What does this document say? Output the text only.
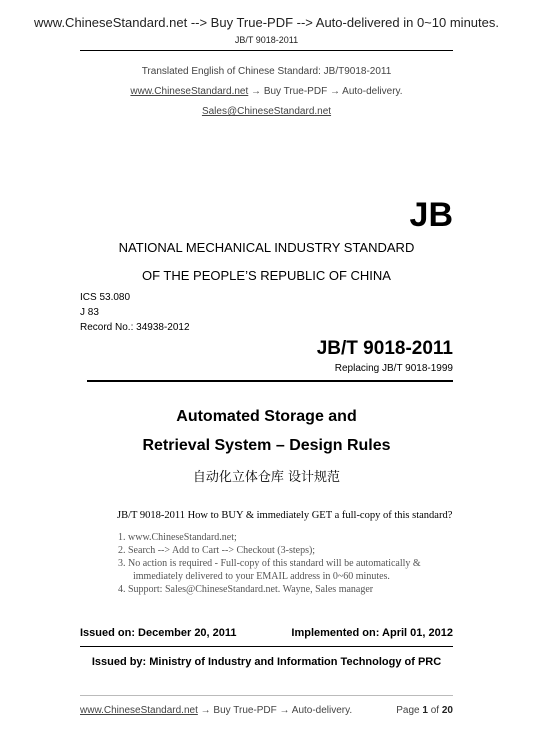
www.ChineseStandard.net --> Buy True-PDF --> Auto-delivered in 0~10 minutes.
JB/T 9018-2011
Translated English of Chinese Standard: JB/T9018-2011
www.ChineseStandard.net → Buy True-PDF → Auto-delivery.
Sales@ChineseStandard.net
JB
NATIONAL MECHANICAL INDUSTRY STANDARD
OF THE PEOPLE’S REPUBLIC OF CHINA
ICS 53.080
J 83
Record No.: 34938-2012
JB/T 9018-2011
Replacing JB/T 9018-1999
Automated Storage and
Retrieval System – Design Rules
自动化立体仓库 设计规范
JB/T 9018-2011 How to BUY & immediately GET a full-copy of this standard?
1. www.ChineseStandard.net;
2. Search --> Add to Cart --> Checkout (3-steps);
3. No action is required - Full-copy of this standard will be automatically &
immediately delivered to your EMAIL address in 0~60 minutes.
4. Support: Sales@ChineseStandard.net. Wayne, Sales manager
Issued on: December 20, 2011	Implemented on: April 01, 2012
Issued by: Ministry of Industry and Information Technology of PRC
www.ChineseStandard.net → Buy True-PDF → Auto-delivery.	Page 1 of 20
